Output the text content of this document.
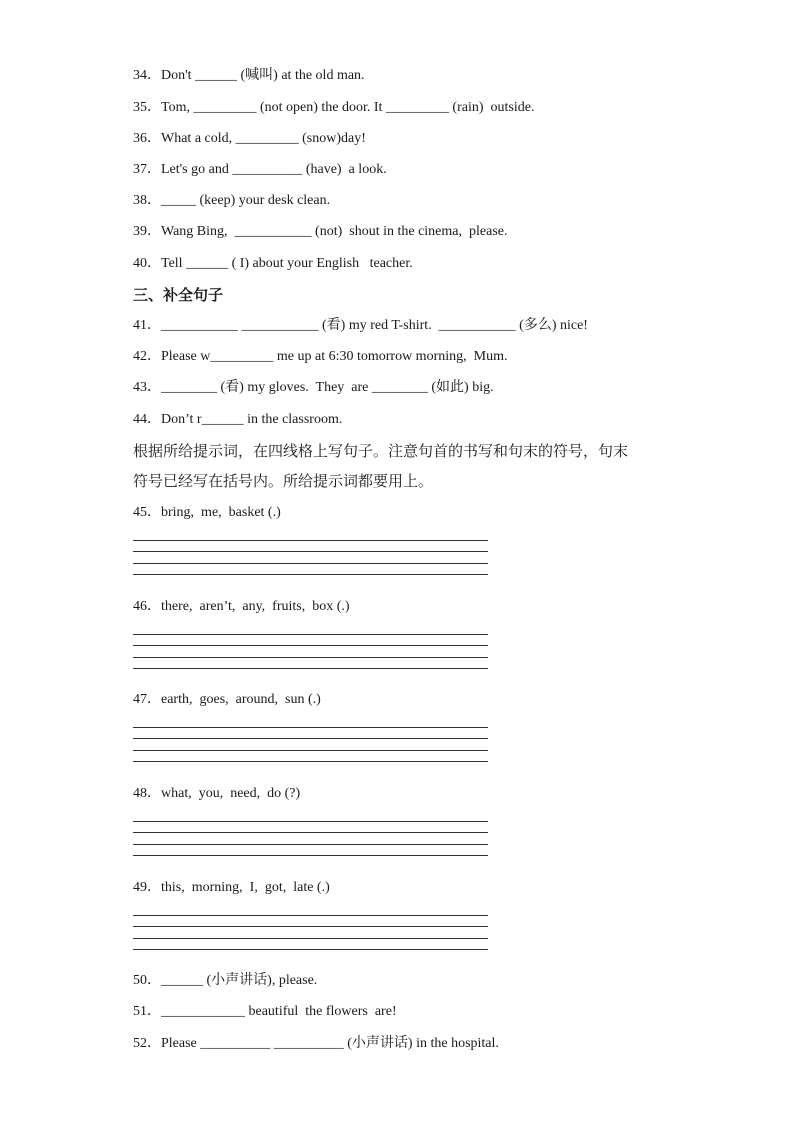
34．Don't ______ (喊叫) at the old man.
35．Tom, _________ (not open) the door. It _________ (rain)  outside.
36．What a cold, _________ (snow)day!
37．Let's go and __________ (have)  a look.
38．_____ (keep) your desk clean.
39．Wang Bing,  ___________ (not)  shout in the cinema,  please.
40．Tell ______ ( I) about your English   teacher.
三、补全句子
41．___________ ___________ (看) my red T-shirt.  ___________ (多么) nice!
42．Please w_________ me up at 6:30 tomorrow morning,  Mum.
43．________ (看) my gloves.  They  are ________ (如此) big.
44．Don’t r______ in the classroom.
根据所给提示词，在四线格上写句子。注意句首的书写和句末的符号，句末
符号已经写在括号内。所给提示词都要用上。
45．bring,  me,  basket (.)
46．there,  aren’t,  any,  fruits,  box (.)
47．earth,  goes,  around,  sun (.)
48．what,  you,  need,  do (?)
49．this,  morning,  I,  got,  late (.)
50．______ (小声讲话), please.
51．____________ beautiful  the flowers  are!
52．Please __________ __________ (小声讲话) in the hospital.
